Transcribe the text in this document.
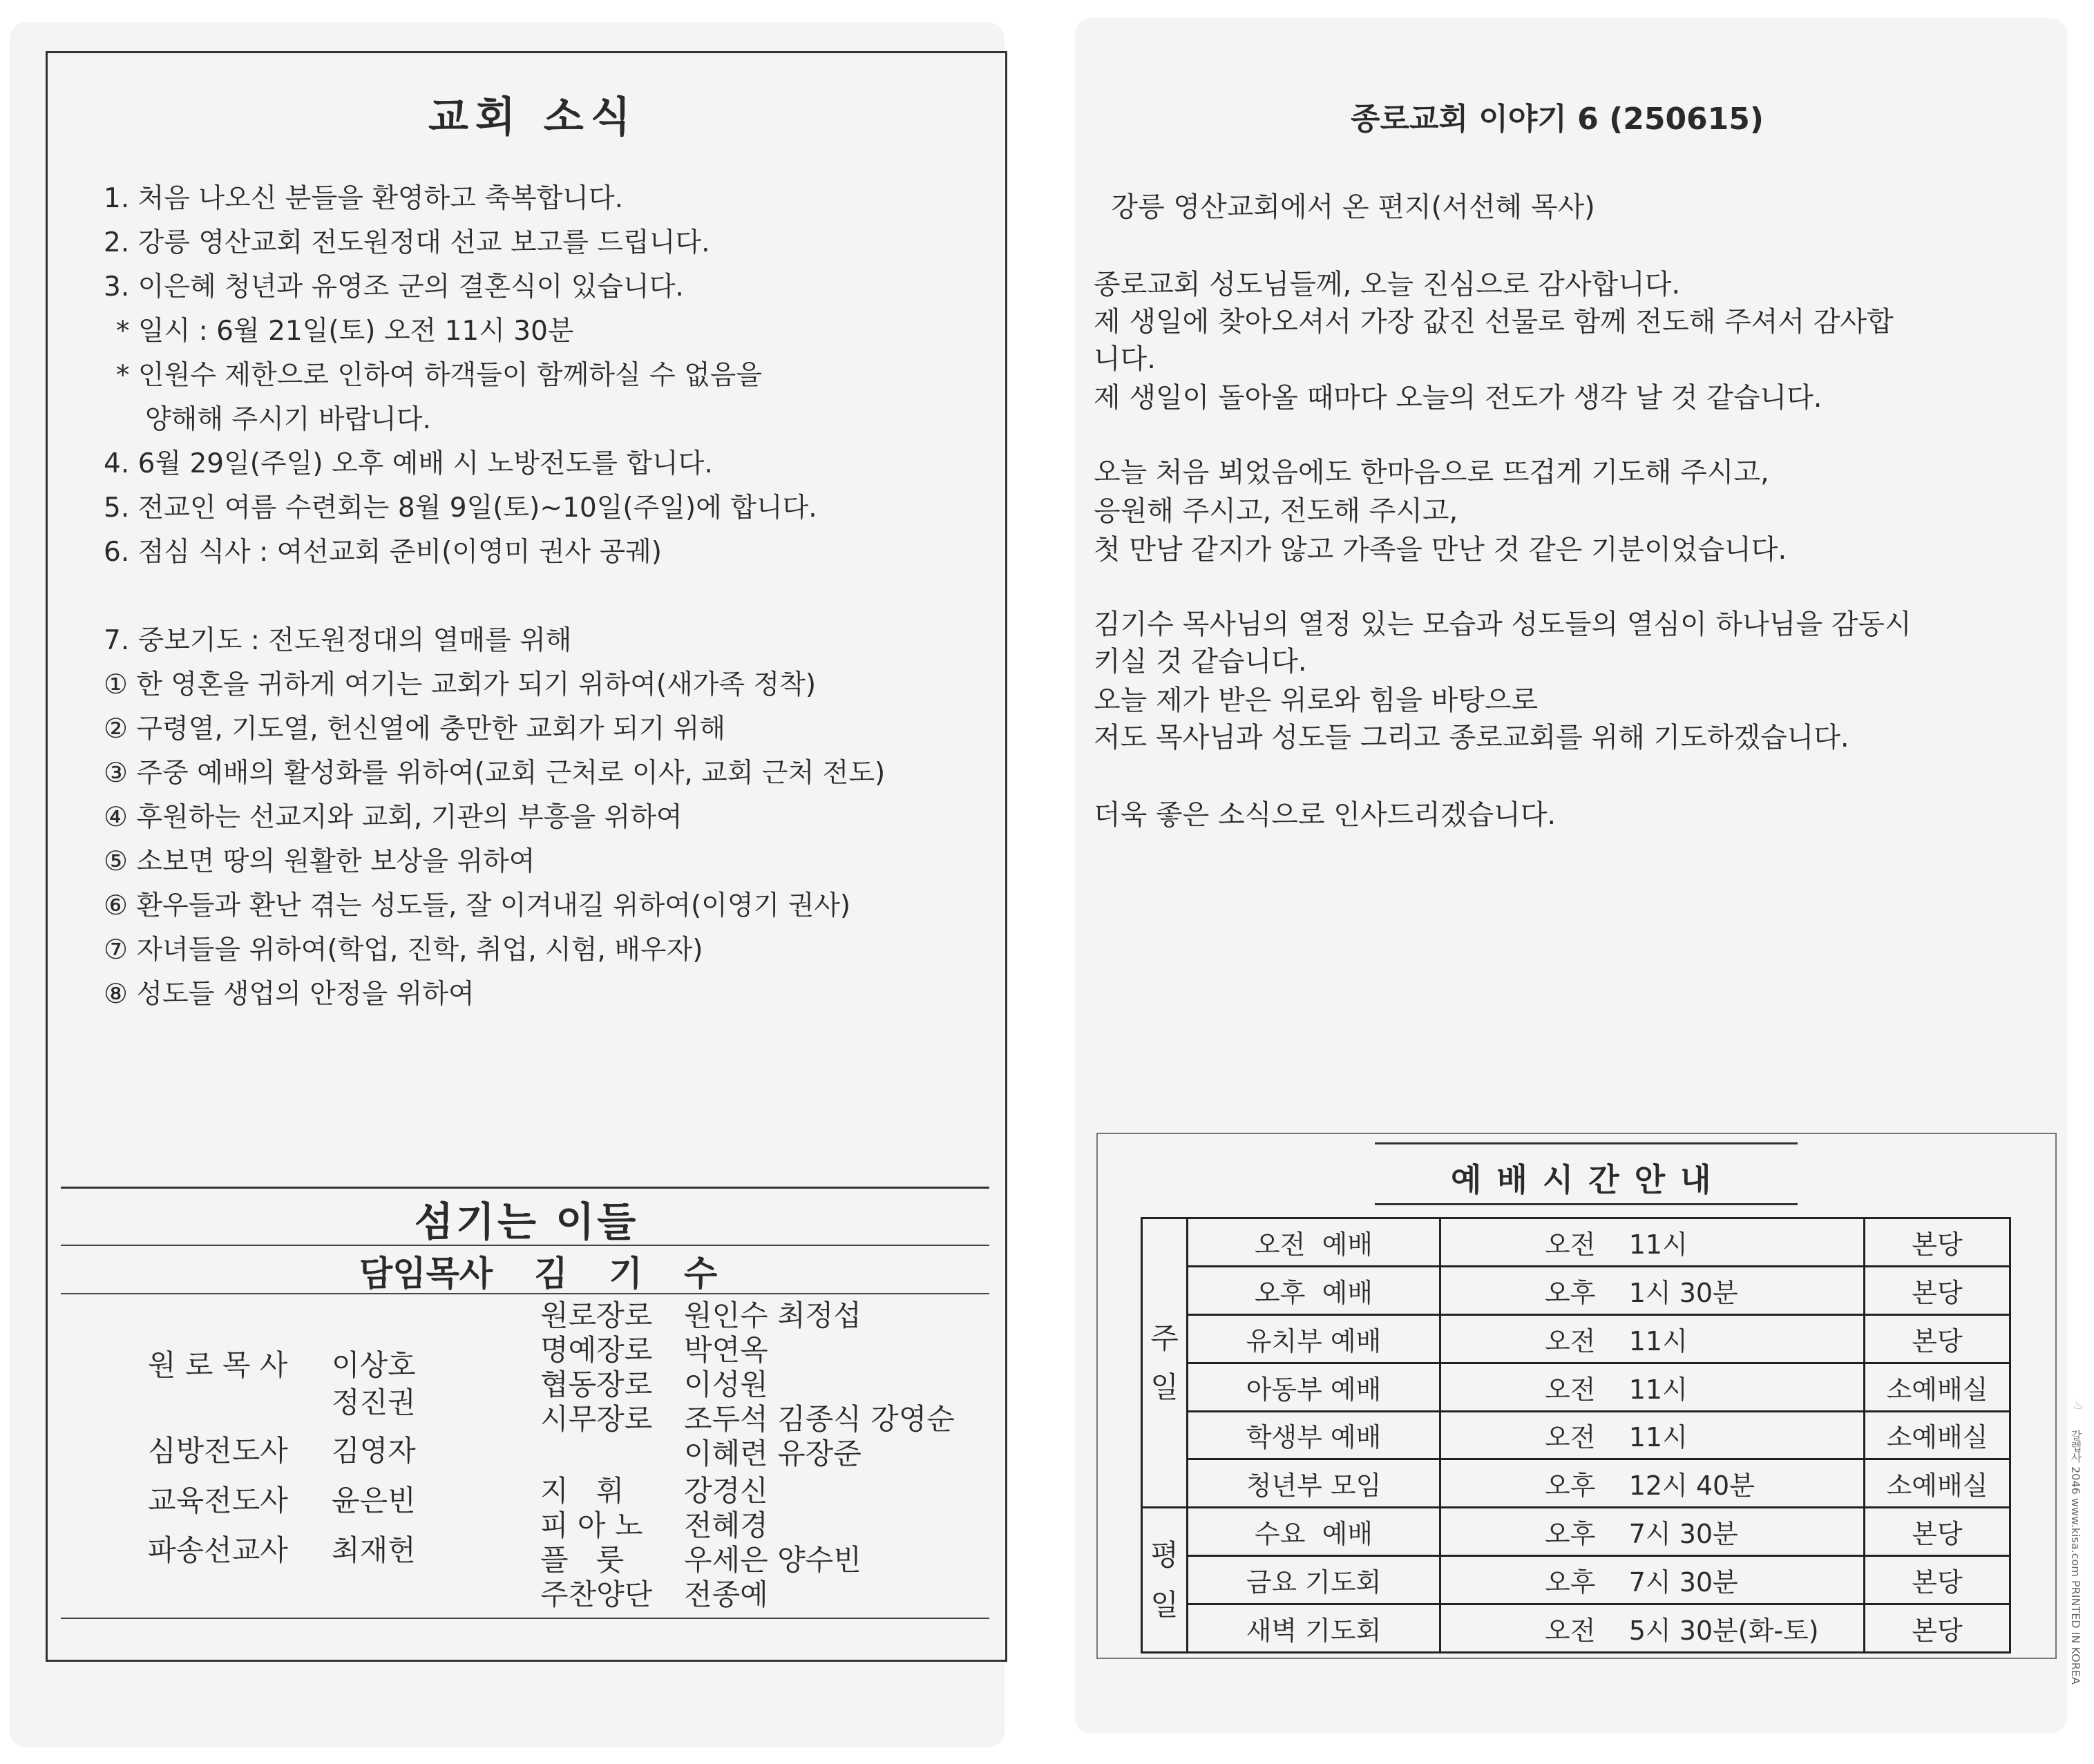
교회 소식
1. 처음 나오신 분들을 환영하고 축복합니다.
2. 강릉 영산교회 전도원정대 선교 보고를 드립니다.
3. 이은혜 청년과 유영조 군의 결혼식이 있습니다.
* 일시 : 6월 21일(토) 오전 11시 30분
* 인원수 제한으로 인하여 하객들이 함께하실 수 없음을
양해해 주시기 바랍니다.
4. 6월 29일(주일) 오후 예배 시 노방전도를 합니다.
5. 전교인 여름 수련회는 8월 9일(토)~10일(주일)에 합니다.
6. 점심 식사 : 여선교회 준비(이영미 권사 공궤)
7. 중보기도 : 전도원정대의 열매를 위해
① 한 영혼을 귀하게 여기는 교회가 되기 위하여(새가족 정착)
② 구령열, 기도열, 헌신열에 충만한 교회가 되기 위해
③ 주중 예배의 활성화를 위하여(교회 근처로 이사, 교회 근처 전도)
④ 후원하는 선교지와 교회, 기관의 부흥을 위하여
⑤ 소보면 땅의 원활한 보상을 위하여
⑥ 환우들과 환난 겪는 성도들, 잘 이겨내길 위하여(이영기 권사)
⑦ 자녀들을 위하여(학업, 진학, 취업, 시험, 배우자)
⑧ 성도들 생업의 안정을 위하여
섬기는 이들
담임목사 김 기 수
원 로 목 사 이상호
정진권
심방전도사 김영자
교육전도사 윤은빈
파송선교사 최재헌
원로장로 원인수 최정섭
명예장로 박연옥
협동장로 이성원
시무장로 조두석 김종식 강영순
이혜련 유장준
지   휘 강경신
피 아 노 전혜경
플   룻 우세은 양수빈
주찬양단 전종예
종로교회 이야기 6 (250615)
강릉 영산교회에서 온 편지(서선혜 목사)
종로교회 성도님들께, 오늘 진심으로 감사합니다.
제 생일에 찾아오셔서 가장 값진 선물로 함께 전도해 주셔서 감사합
니다.
제 생일이 돌아올 때마다 오늘의 전도가 생각 날 것 같습니다.
오늘 처음 뵈었음에도 한마음으로 뜨겁게 기도해 주시고,
응원해 주시고, 전도해 주시고,
첫 만남 같지가 않고 가족을 만난 것 같은 기분이었습니다.
김기수 목사님의 열정 있는 모습과 성도들의 열심이 하나님을 감동시
키실 것 같습니다.
오늘 제가 받은 위로와 힘을 바탕으로
저도 목사님과 성도들 그리고 종로교회를 위해 기도하겠습니다.
더욱 좋은 소식으로 인사드리겠습니다.
예배시간안내
주
일	오전  예배	오전    11시	본당
	오후  예배	오후    1시 30분	본당
	유치부 예배	오전    11시	본당
	아동부 예배	오전    11시	소예배실
	학생부 예배	오전    11시	소예배실
	청년부 모임	오후    12시 40분	소예배실
평
일	수요  예배	오후    7시 30분	본당
	금요 기도회	오후    7시 30분	본당
	새벽 기도회	오전    5시 30분(화-토)	본당
♨
갈렙사 2046 www.kisa.com PRINTED IN KOREA
